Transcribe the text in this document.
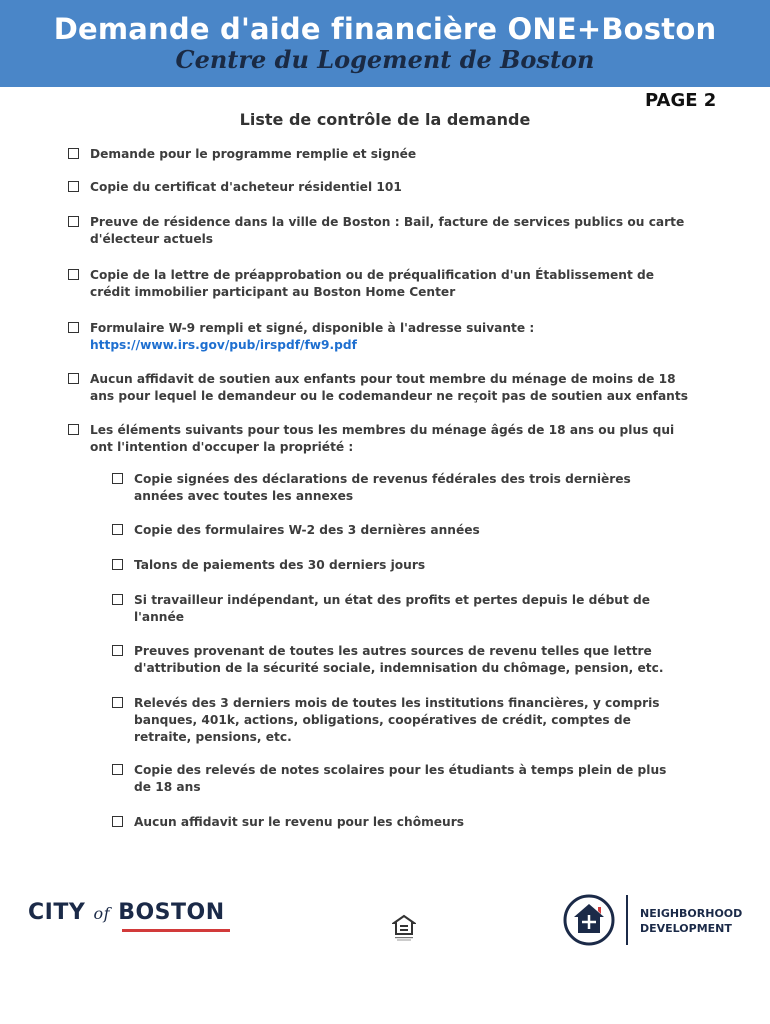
Demande d'aide financière ONE+Boston
Centre du Logement de Boston
PAGE 2
Liste de contrôle de la demande
Demande pour le programme remplie et signée
Copie du certificat d'acheteur résidentiel 101
Preuve de résidence dans la ville de Boston : Bail, facture de services publics ou carte d'électeur actuels
Copie de la lettre de préapprobation ou de préqualification d'un Établissement de crédit immobilier participant au Boston Home Center
Formulaire W-9 rempli et signé, disponible à l'adresse suivante :
https://www.irs.gov/pub/irspdf/fw9.pdf
Aucun affidavit de soutien aux enfants pour tout membre du ménage de moins de 18 ans pour lequel le demandeur ou le codemandeur ne reçoit pas de soutien aux enfants
Les éléments suivants pour tous les membres du ménage âgés de 18 ans ou plus qui ont l'intention d'occuper la propriété :
Copie signées des déclarations de revenus fédérales des trois dernières années avec toutes les annexes
Copie des formulaires W-2 des 3 dernières années
Talons de paiements des 30 derniers jours
Si travailleur indépendant, un état des profits et pertes depuis le début de l'année
Preuves provenant de toutes les autres sources de revenu telles que lettre d'attribution de la sécurité sociale, indemnisation du chômage, pension, etc.
Relevés des 3 derniers mois de toutes les institutions financières, y compris banques, 401k, actions, obligations, coopératives de crédit, comptes de retraite, pensions, etc.
Copie des relevés de notes scolaires pour les étudiants à temps plein de plus de 18 ans
Aucun affidavit sur le revenu pour les chômeurs
CITY of BOSTON	NEIGHBORHOOD
DEVELOPMENT
